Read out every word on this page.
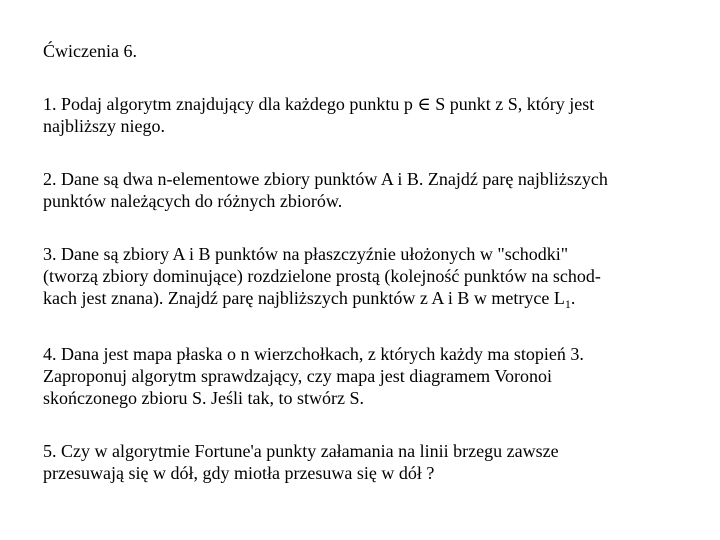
Ćwiczenia 6.
1. Podaj algorytm znajdujący dla każdego punktu p ∈ S punkt z S, który jest
najbliższy niego.
2. Dane są dwa n-elementowe zbiory punktów A i B. Znajdź parę najbliższych
punktów należących do różnych zbiorów.
3. Dane są zbiory A i B punktów na płaszczyźnie ułożonych w "schodki"
(tworzą zbiory dominujące) rozdzielone prostą (kolejność punktów na schod-
kach jest znana). Znajdź parę najbliższych punktów z A i B w metryce $L_1$.
4. Dana jest mapa płaska o n wierzchołkach, z których każdy ma stopień 3.
Zaproponuj algorytm sprawdzający, czy mapa jest diagramem Voronoi
skończonego zbioru S. Jeśli tak, to stwórz S.
5. Czy w algorytmie Fortune'a punkty załamania na linii brzegu zawsze
przesuwają się w dół, gdy miotła przesuwa się w dół ?
